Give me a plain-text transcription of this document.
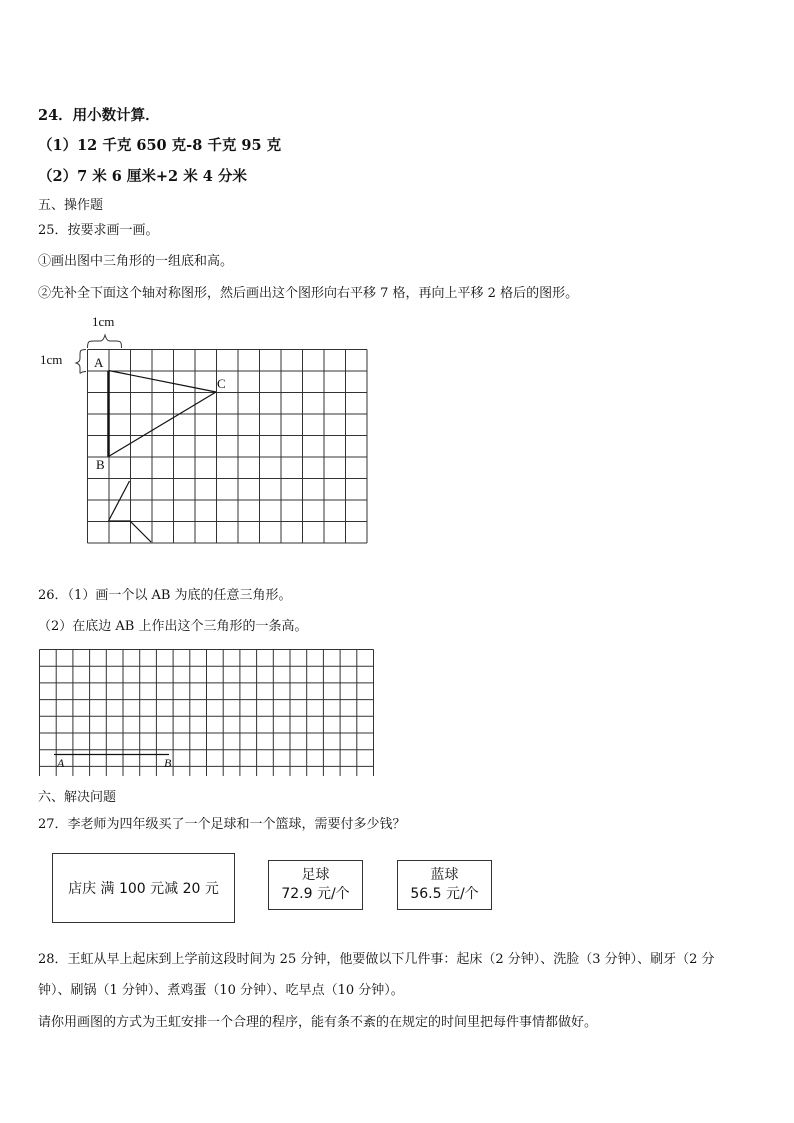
24．用小数计算．
（1）12 千克 650 克-8 千克 95 克
（2）7 米 6 厘米+2 米 4 分米
五、操作题
25．按要求画一画。
①画出图中三角形的一组底和高。
②先补全下面这个轴对称图形，然后画出这个图形向右平移 7 格，再向上平移 2 格后的图形。
1cm
1cm A
C
B
26．（1）画一个以 AB 为底的任意三角形。
（2）在底边 AB 上作出这个三角形的一条高。
A	B
六、解决问题
27．李老师为四年级买了一个足球和一个篮球，需要付多少钱？
店庆 满 100 元减 20 元
足球
72.9 元/个
蓝球
56.5 元/个
28．王虹从早上起床到上学前这段时间为 25 分钟，他要做以下几件事：起床（2 分钟）、洗脸（3 分钟）、刷牙（2 分
钟）、刷锅（1 分钟）、煮鸡蛋（10 分钟）、吃早点（10 分钟）。
请你用画图的方式为王虹安排一个合理的程序，能有条不紊的在规定的时间里把每件事情都做好。
